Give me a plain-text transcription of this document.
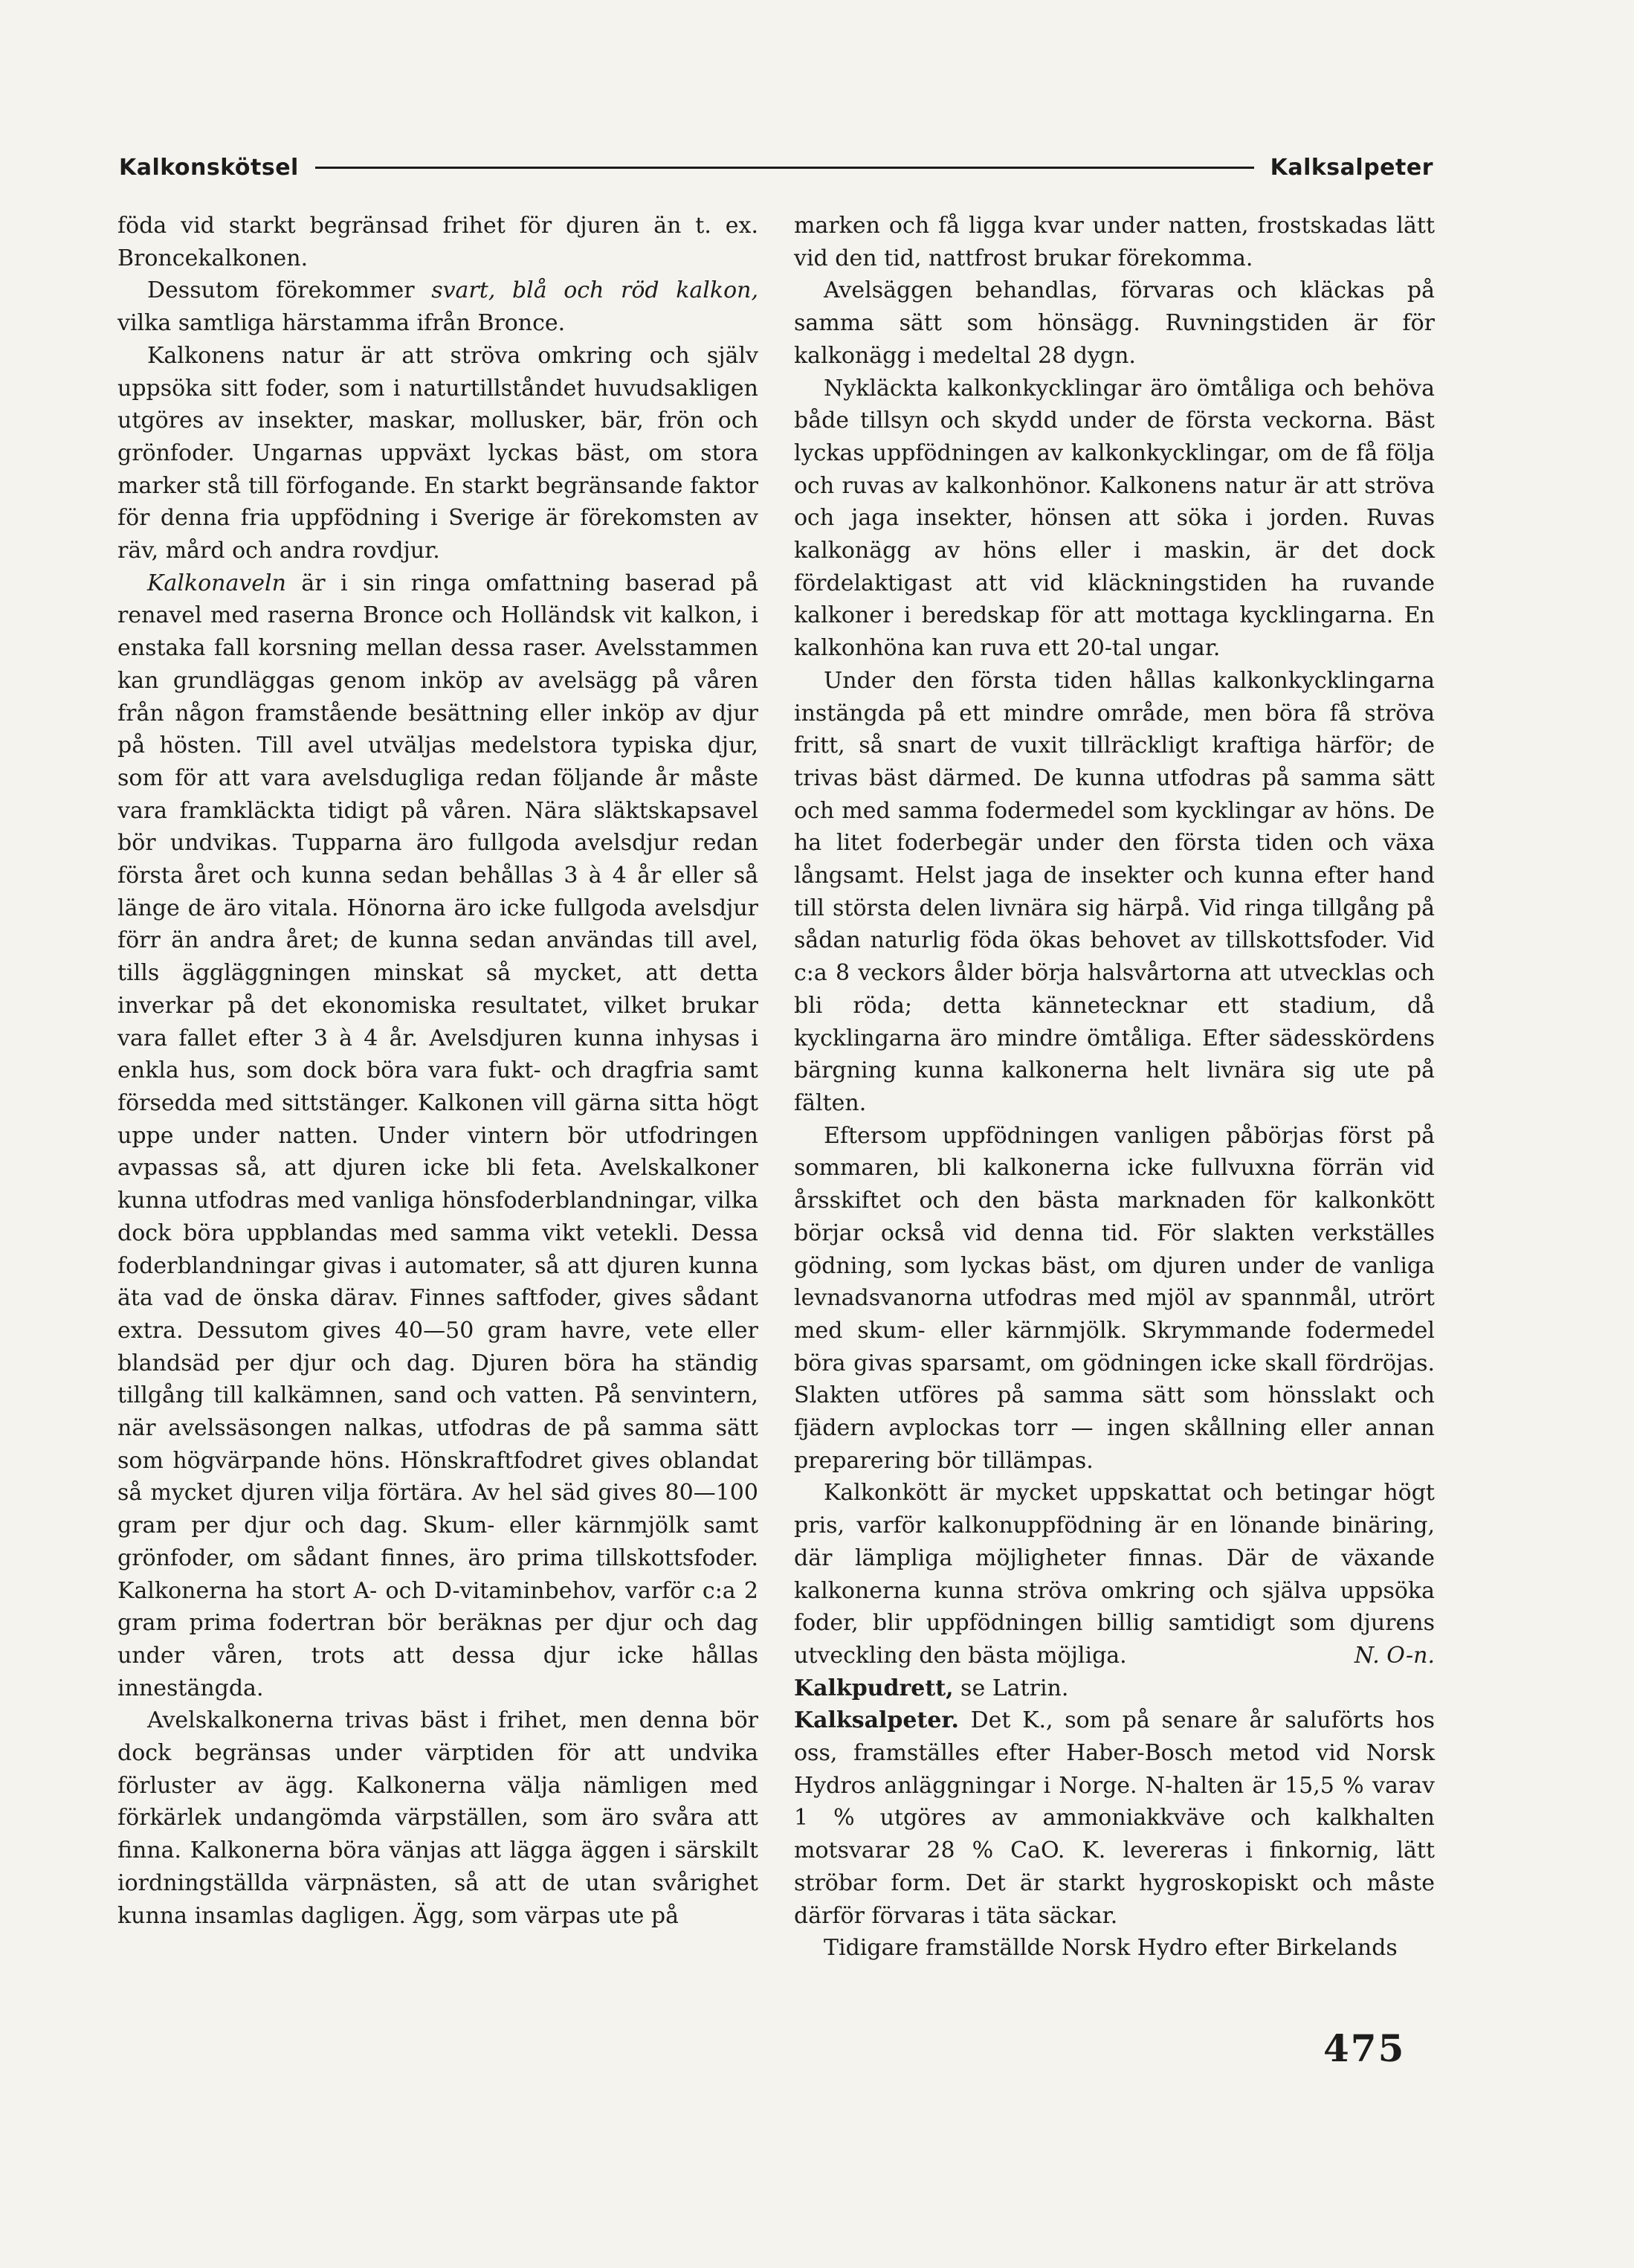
Kalkonskötsel	Kalksalpeter

föda vid starkt begränsad frihet för djuren än t. ex. Broncekalkonen.

Dessutom förekommer svart, blå och röd kalkon, vilka samtliga härstamma ifrån Bronce.

Kalkonens natur är att ströva omkring och själv uppsöka sitt foder, som i naturtillståndet huvudsakligen utgöres av insekter, maskar, mollusker, bär, frön och grönfoder. Ungarnas uppväxt lyckas bäst, om stora marker stå till förfogande. En starkt begränsande faktor för denna fria uppfödning i Sverige är förekomsten av räv, mård och andra rovdjur.

Kalkonaveln är i sin ringa omfattning baserad på renavel med raserna Bronce och Holländsk vit kalkon, i enstaka fall korsning mellan dessa raser. Avelsstammen kan grundläggas genom inköp av avelsägg på våren från någon framstående besättning eller inköp av djur på hösten. Till avel utväljas medelstora typiska djur, som för att vara avelsdugliga redan följande år måste vara framkläckta tidigt på våren. Nära släktskapsavel bör undvikas. Tupparna äro fullgoda avelsdjur redan första året och kunna sedan behållas 3 à 4 år eller så länge de äro vitala. Hönorna äro icke fullgoda avelsdjur förr än andra året; de kunna sedan användas till avel, tills äggläggningen minskat så mycket, att detta inverkar på det ekonomiska resultatet, vilket brukar vara fallet efter 3 à 4 år. Avelsdjuren kunna inhysas i enkla hus, som dock böra vara fukt- och dragfria samt försedda med sittstänger. Kalkonen vill gärna sitta högt uppe under natten. Under vintern bör utfodringen avpassas så, att djuren icke bli feta. Avelskalkoner kunna utfodras med vanliga hönsfoderblandningar, vilka dock böra uppblandas med samma vikt vetekli. Dessa foderblandningar givas i automater, så att djuren kunna äta vad de önska därav. Finnes saftfoder, gives sådant extra. Dessutom gives 40—50 gram havre, vete eller blandsäd per djur och dag. Djuren böra ha ständig tillgång till kalkämnen, sand och vatten. På senvintern, när avelssäsongen nalkas, utfodras de på samma sätt som högvärpande höns. Hönskraftfodret gives oblandat så mycket djuren vilja förtära. Av hel säd gives 80—100 gram per djur och dag. Skum- eller kärnmjölk samt grönfoder, om sådant finnes, äro prima tillskottsfoder. Kalkonerna ha stort A- och D-vitaminbehov, varför c:a 2 gram prima fodertran bör beräknas per djur och dag under våren, trots att dessa djur icke hållas innestängda.

Avelskalkonerna trivas bäst i frihet, men denna bör dock begränsas under värptiden för att undvika förluster av ägg. Kalkonerna välja nämligen med förkärlek undangömda värpställen, som äro svåra att finna. Kalkonerna böra vänjas att lägga äggen i särskilt iordningställda värpnästen, så att de utan svårighet kunna insamlas dagligen. Ägg, som värpas ute på

marken och få ligga kvar under natten, frostskadas lätt vid den tid, nattfrost brukar förekomma.

Avelsäggen behandlas, förvaras och kläckas på samma sätt som hönsägg. Ruvningstiden är för kalkonägg i medeltal 28 dygn.

Nykläckta kalkonkycklingar äro ömtåliga och behöva både tillsyn och skydd under de första veckorna. Bäst lyckas uppfödningen av kalkonkycklingar, om de få följa och ruvas av kalkonhönor. Kalkonens natur är att ströva och jaga insekter, hönsen att söka i jorden. Ruvas kalkonägg av höns eller i maskin, är det dock fördelaktigast att vid kläckningstiden ha ruvande kalkoner i beredskap för att mottaga kycklingarna. En kalkonhöna kan ruva ett 20-tal ungar.

Under den första tiden hållas kalkonkycklingarna instängda på ett mindre område, men böra få ströva fritt, så snart de vuxit tillräckligt kraftiga härför; de trivas bäst därmed. De kunna utfodras på samma sätt och med samma fodermedel som kycklingar av höns. De ha litet foderbegär under den första tiden och växa långsamt. Helst jaga de insekter och kunna efter hand till största delen livnära sig härpå. Vid ringa tillgång på sådan naturlig föda ökas behovet av tillskottsfoder. Vid c:a 8 veckors ålder börja halsvårtorna att utvecklas och bli röda; detta kännetecknar ett stadium, då kycklingarna äro mindre ömtåliga. Efter sädesskördens bärgning kunna kalkonerna helt livnära sig ute på fälten.

Eftersom uppfödningen vanligen påbörjas först på sommaren, bli kalkonerna icke fullvuxna förrän vid årsskiftet och den bästa marknaden för kalkonkött börjar också vid denna tid. För slakten verkställes gödning, som lyckas bäst, om djuren under de vanliga levnadsvanorna utfodras med mjöl av spannmål, utrört med skum- eller kärnmjölk. Skrymmande fodermedel böra givas sparsamt, om gödningen icke skall fördröjas. Slakten utföres på samma sätt som hönsslakt och fjädern avplockas torr — ingen skållning eller annan preparering bör tillämpas.

Kalkonkött är mycket uppskattat och betingar högt pris, varför kalkonuppfödning är en lönande binäring, där lämpliga möjligheter finnas. Där de växande kalkonerna kunna ströva omkring och själva uppsöka foder, blir uppfödningen billig samtidigt som djurens utveckling den bästa möjliga.	N. O-n.

Kalkpudrett, se Latrin.

Kalksalpeter. Det K., som på senare år saluförts hos oss, framställes efter Haber-Bosch metod vid Norsk Hydros anläggningar i Norge. N-halten är 15,5 % varav 1 % utgöres av ammoniakkväve och kalkhalten motsvarar 28 % CaO. K. levereras i finkornig, lätt ströbar form. Det är starkt hygroskopiskt och måste därför förvaras i täta säckar.

Tidigare framställde Norsk Hydro efter Birkelands

475
